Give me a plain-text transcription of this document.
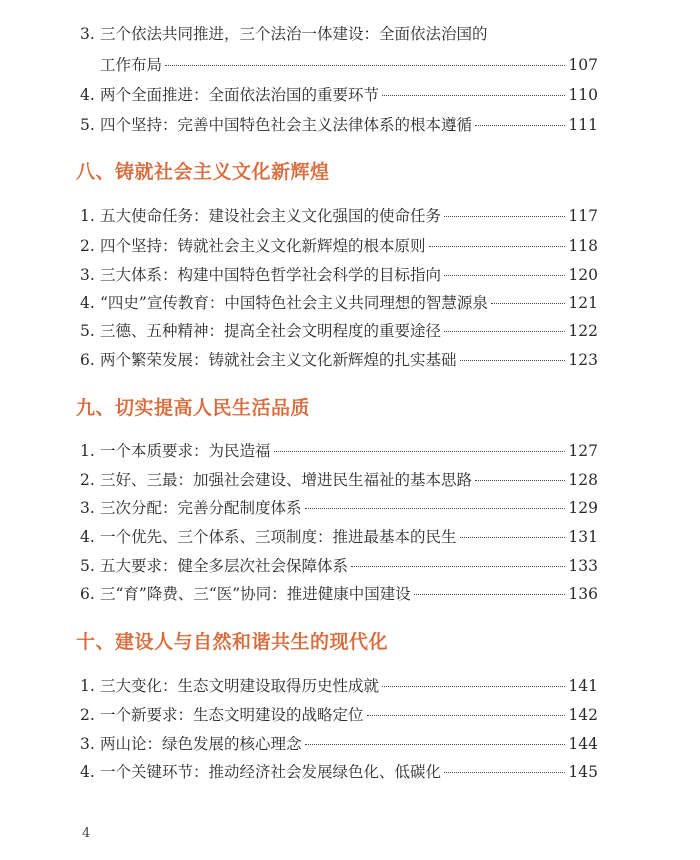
3. 三个依法共同推进，三个法治一体建设：全面依法治国的
工作布局	107
4. 两个全面推进：全面依法治国的重要环节	110
5. 四个坚持：完善中国特色社会主义法律体系的根本遵循	111
八、铸就社会主义文化新辉煌
1. 五大使命任务：建设社会主义文化强国的使命任务	117
2. 四个坚持：铸就社会主义文化新辉煌的根本原则	118
3. 三大体系：构建中国特色哲学社会科学的目标指向	120
4. “四史”宣传教育：中国特色社会主义共同理想的智慧源泉	121
5. 三德、五种精神：提高全社会文明程度的重要途径	122
6. 两个繁荣发展：铸就社会主义文化新辉煌的扎实基础	123
九、切实提高人民生活品质
1. 一个本质要求：为民造福	127
2. 三好、三最：加强社会建设、增进民生福祉的基本思路	128
3. 三次分配：完善分配制度体系	129
4. 一个优先、三个体系、三项制度：推进最基本的民生	131
5. 五大要求：健全多层次社会保障体系	133
6. 三“育”降费、三“医”协同：推进健康中国建设	136
十、建设人与自然和谐共生的现代化
1. 三大变化：生态文明建设取得历史性成就	141
2. 一个新要求：生态文明建设的战略定位	142
3. 两山论：绿色发展的核心理念	144
4. 一个关键环节：推动经济社会发展绿色化、低碳化	145
4
